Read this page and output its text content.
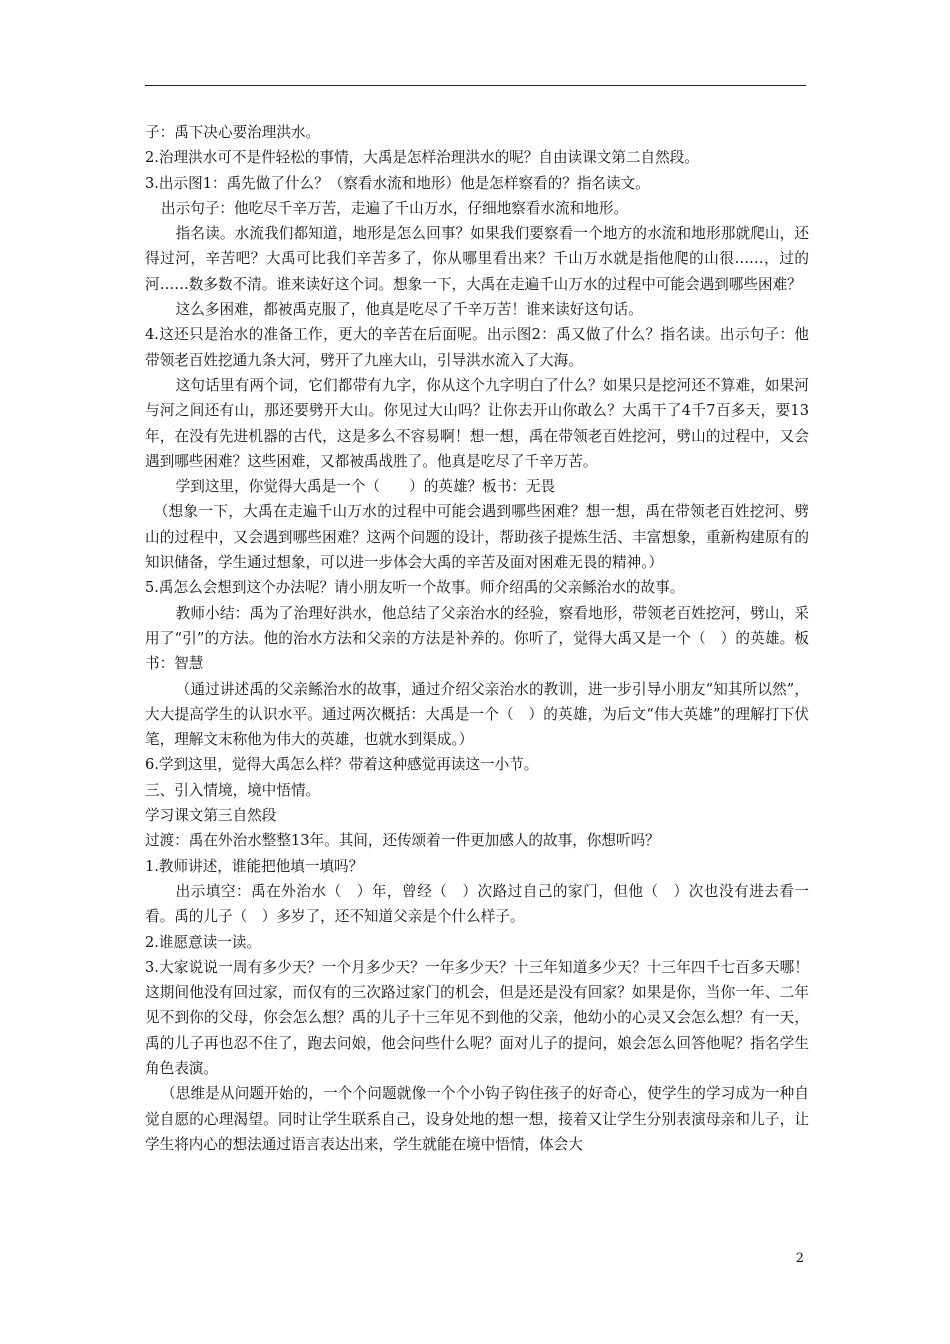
子：禹下决心要治理洪水。

2.治理洪水可不是件轻松的事情，大禹是怎样治理洪水的呢？自由读课文第二自然段。

3.出示图1：禹先做了什么？（察看水流和地形）他是怎样察看的？指名读文。

出示句子：他吃尽千辛万苦，走遍了千山万水，仔细地察看水流和地形。

指名读。水流我们都知道，地形是怎么回事？如果我们要察看一个地方的水流和地形那就爬山，还得过河，辛苦吧？大禹可比我们辛苦多了，你从哪里看出来？千山万水就是指他爬的山很……，过的河……数多数不清。谁来读好这个词。想象一下，大禹在走遍千山万水的过程中可能会遇到哪些困难？

这么多困难，都被禹克服了，他真是吃尽了千辛万苦！谁来读好这句话。

4.这还只是治水的准备工作，更大的辛苦在后面呢。出示图2：禹又做了什么？指名读。出示句子：他带领老百姓挖通九条大河，劈开了九座大山，引导洪水流入了大海。

这句话里有两个词，它们都带有九字，你从这个九字明白了什么？如果只是挖河还不算难，如果河与河之间还有山，那还要劈开大山。你见过大山吗？让你去开山你敢么？大禹干了4千7百多天，要13年，在没有先进机器的古代，这是多么不容易啊！想一想，禹在带领老百姓挖河，劈山的过程中，又会遇到哪些困难？这些困难，又都被禹战胜了。他真是吃尽了千辛万苦。

学到这里，你觉得大禹是一个（　　）的英雄？板书：无畏

（想象一下，大禹在走遍千山万水的过程中可能会遇到哪些困难？想一想，禹在带领老百姓挖河、劈山的过程中，又会遇到哪些困难？这两个问题的设计，帮助孩子提炼生活、丰富想象，重新构建原有的知识储备，学生通过想象，可以进一步体会大禹的辛苦及面对困难无畏的精神。）

5.禹怎么会想到这个办法呢？请小朋友听一个故事。师介绍禹的父亲鲧治水的故事。

教师小结：禹为了治理好洪水，他总结了父亲治水的经验，察看地形，带领老百姓挖河，劈山，采用了“引”的方法。他的治水方法和父亲的方法是补养的。你听了，觉得大禹又是一个（　）的英雄。板书：智慧

（通过讲述禹的父亲鲧治水的故事，通过介绍父亲治水的教训，进一步引导小朋友“知其所以然”，大大提高学生的认识水平。通过两次概括：大禹是一个（　）的英雄，为后文“伟大英雄”的理解打下伏笔，理解文末称他为伟大的英雄，也就水到渠成。）

6.学到这里，觉得大禹怎么样？带着这种感觉再读这一小节。

三、引入情境，境中悟情。

学习课文第三自然段

过渡：禹在外治水整整13年。其间，还传颂着一件更加感人的故事，你想听吗？

1.教师讲述，谁能把他填一填吗？

出示填空：禹在外治水（　）年，曾经（　）次路过自己的家门，但他（　）次也没有进去看一看。禹的儿子（　）多岁了，还不知道父亲是个什么样子。

2.谁愿意读一读。

3.大家说说一周有多少天？一个月多少天？一年多少天？十三年知道多少天？十三年四千七百多天哪！这期间他没有回过家，而仅有的三次路过家门的机会，但是还是没有回家？如果是你，当你一年、二年见不到你的父母，你会怎么想？禹的儿子十三年见不到他的父亲，他幼小的心灵又会怎么想？有一天，禹的儿子再也忍不住了，跑去问娘，他会问些什么呢？面对儿子的提问，娘会怎么回答他呢？指名学生角色表演。

（思维是从问题开始的，一个个问题就像一个个小钩子钩住孩子的好奇心，使学生的学习成为一种自觉自愿的心理渴望。同时让学生联系自己，设身处地的想一想，接着又让学生分别表演母亲和儿子，让学生将内心的想法通过语言表达出来，学生就能在境中悟情，体会大

2
